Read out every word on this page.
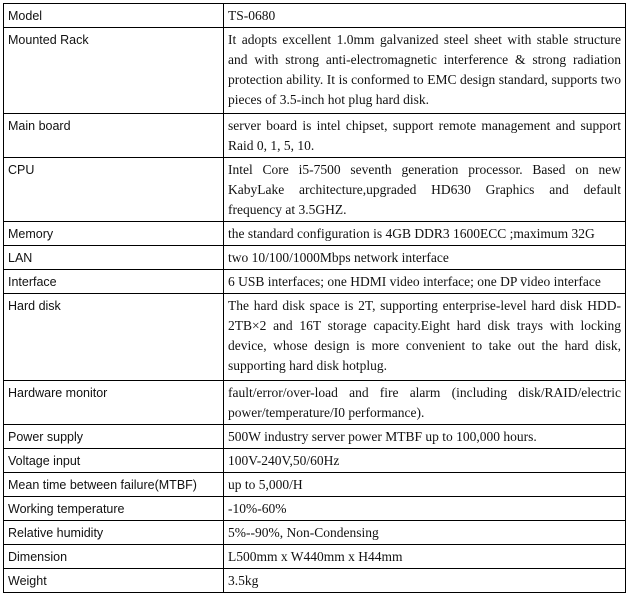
Model	TS-0680
Mounted Rack	It adopts excellent 1.0mm galvanized steel sheet with stable structure and with strong anti-electromagnetic interference & strong radiation protection ability. It is conformed to EMC design standard, supports two pieces of 3.5-inch hot plug hard disk.
Main board	server board is intel chipset, support remote management and support Raid 0, 1, 5, 10.
CPU	Intel Core i5-7500 seventh generation processor. Based on new KabyLake architecture,upgraded HD630 Graphics and default frequency at 3.5GHZ.
Memory	the standard configuration is 4GB DDR3 1600ECC ;maximum 32G
LAN	two 10/100/1000Mbps network interface
Interface	6 USB interfaces; one HDMI video interface; one DP video interface
Hard disk	The hard disk space is 2T, supporting enterprise-level hard disk HDD-2TB×2 and 16T storage capacity.Eight hard disk trays with locking device, whose design is more convenient to take out the hard disk, supporting hard disk hotplug.
Hardware monitor	fault/error/over-load and fire alarm (including disk/RAID/electric power/temperature/I0 performance).
Power supply	500W industry server power MTBF up to 100,000 hours.
Voltage input	100V-240V,50/60Hz
Mean time between failure(MTBF)	up to 5,000/H
Working temperature	-10%-60%
Relative humidity	5%--90%, Non-Condensing
Dimension	L500mm x W440mm x H44mm
Weight	3.5kg
